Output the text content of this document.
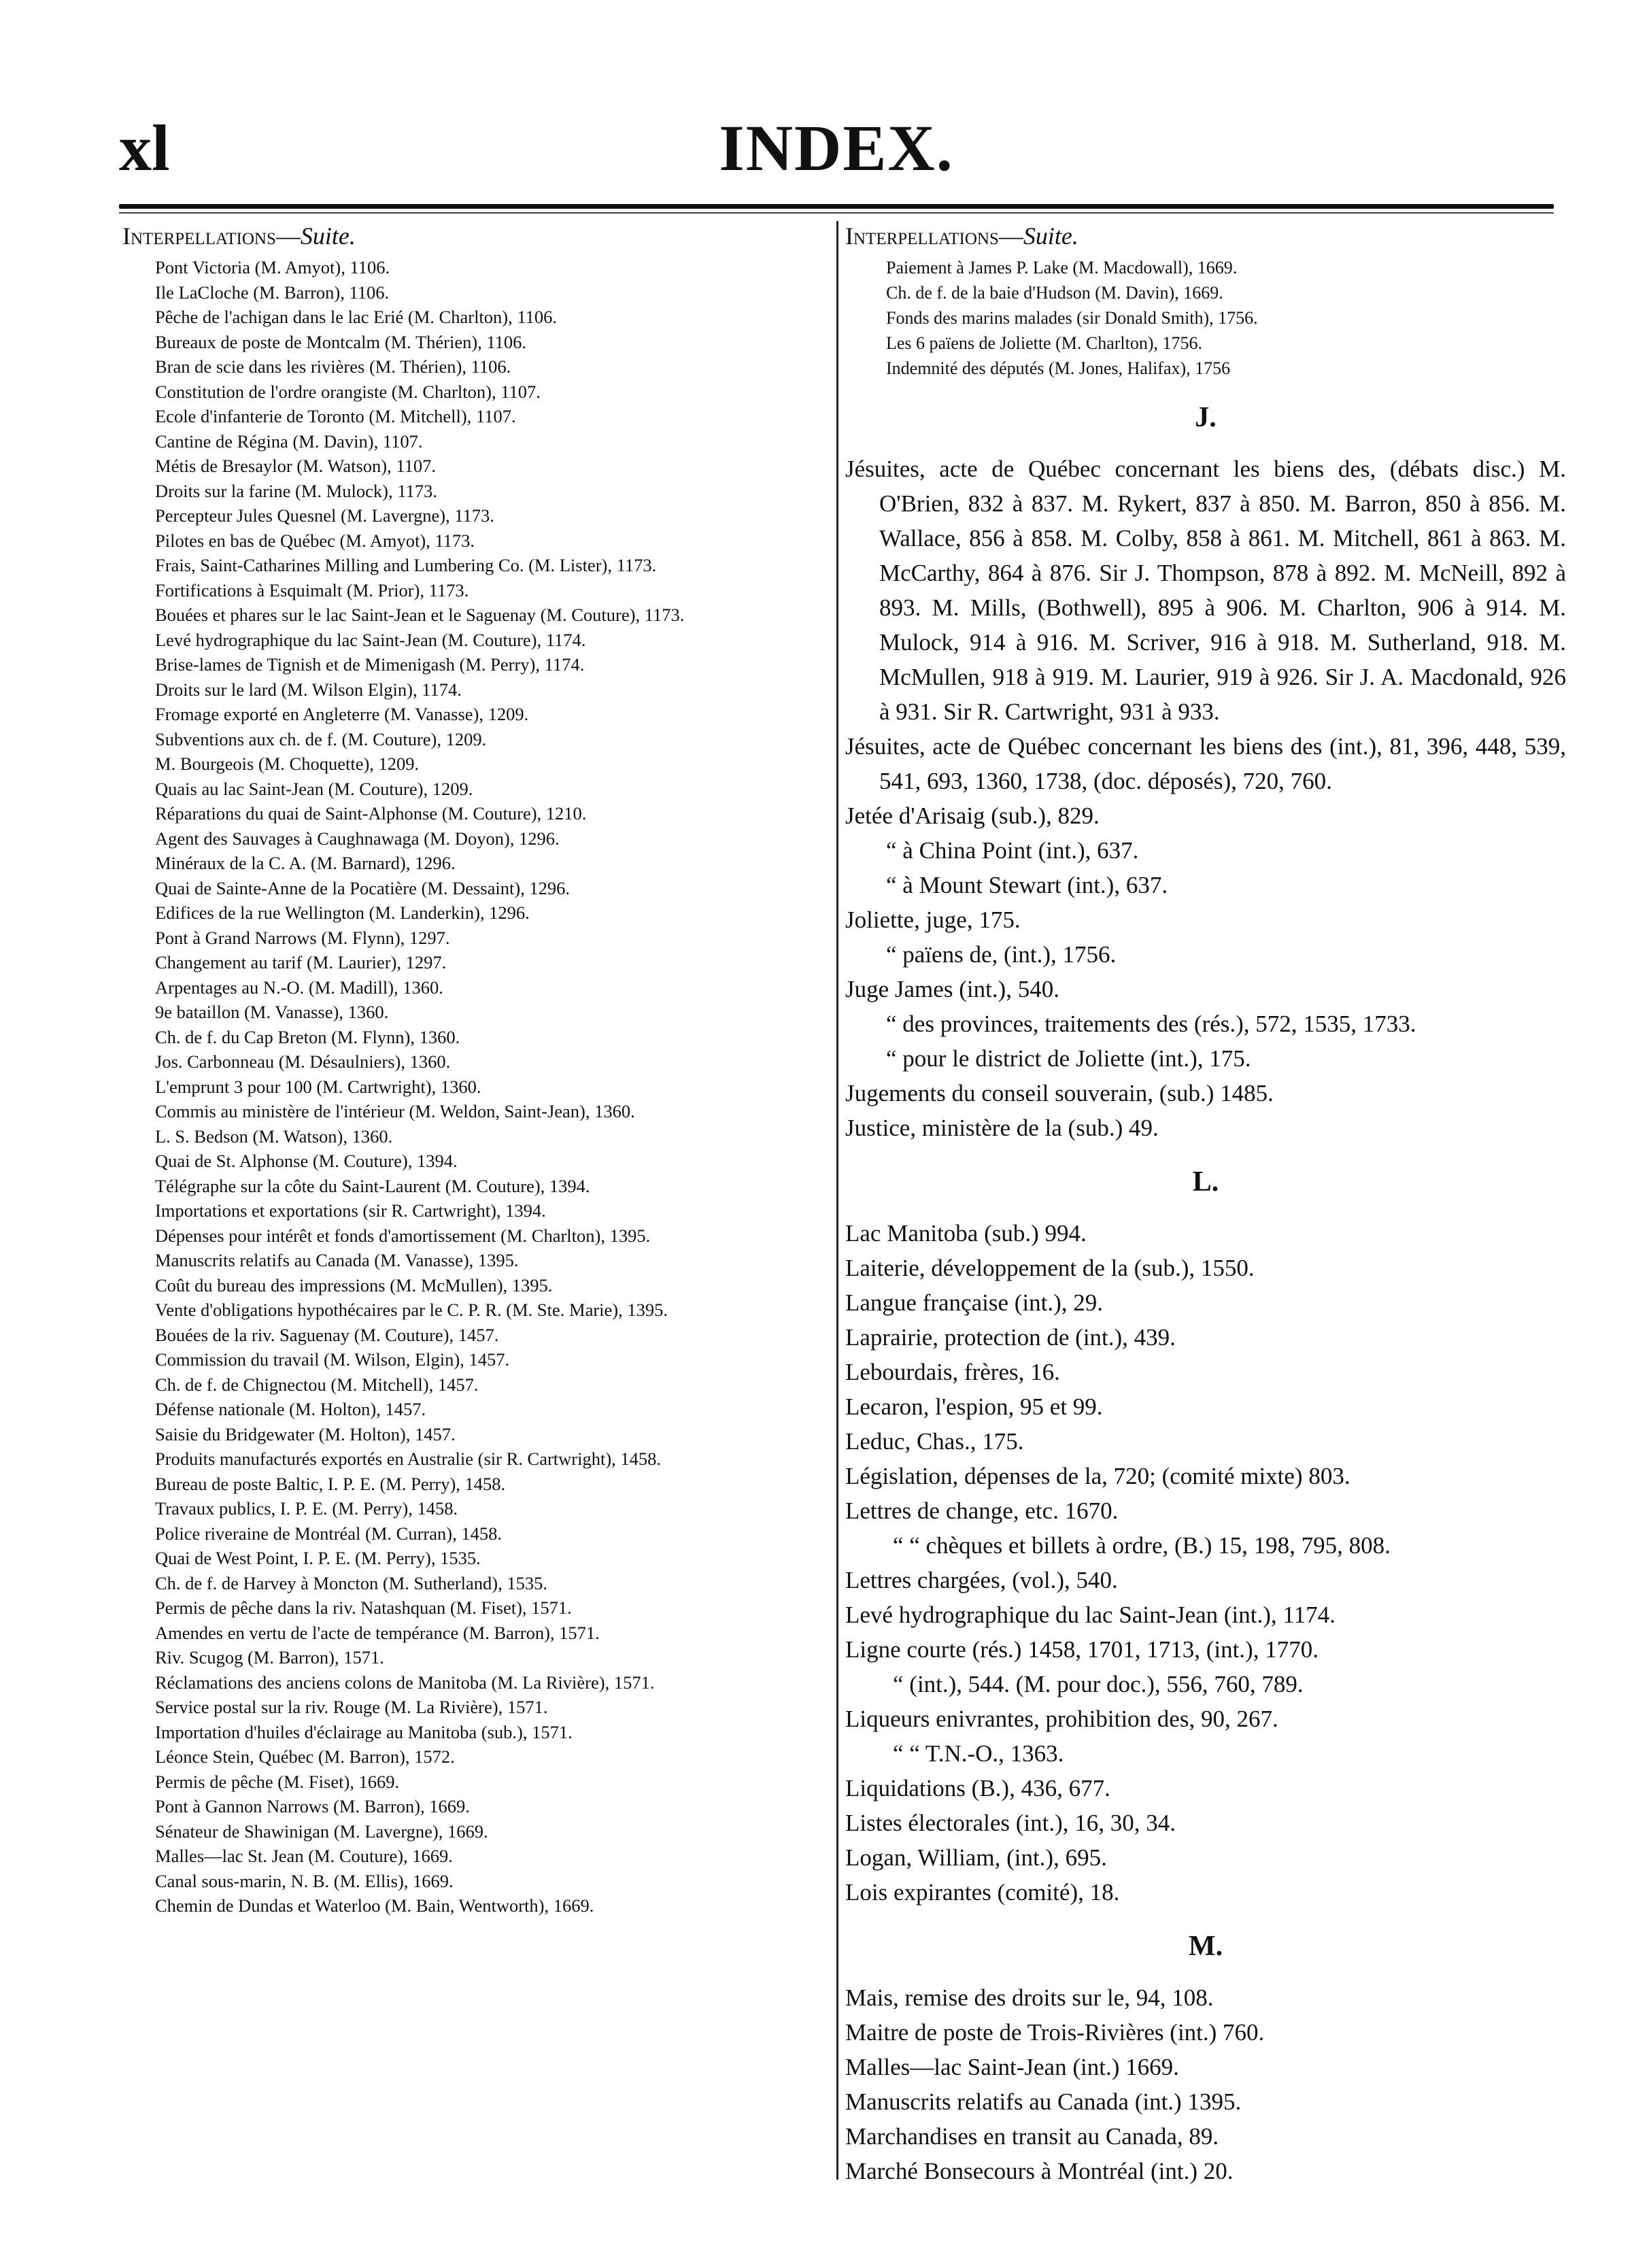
xl	INDEX.
Interpellations—Suite.
Pont Victoria (M. Amyot), 1106.
Ile LaCloche (M. Barron), 1106.
Pêche de l'achigan dans le lac Erié (M. Charlton), 1106.
Bureaux de poste de Montcalm (M. Thérien), 1106.
Bran de scie dans les rivières (M. Thérien), 1106.
Constitution de l'ordre orangiste (M. Charlton), 1107.
Ecole d'infanterie de Toronto (M. Mitchell), 1107.
Cantine de Régina (M. Davin), 1107.
Métis de Bresaylor (M. Watson), 1107.
Droits sur la farine (M. Mulock), 1173.
Percepteur Jules Quesnel (M. Lavergne), 1173.
Pilotes en bas de Québec (M. Amyot), 1173.
Frais, Saint-Catharines Milling and Lumbering Co. (M. Lister), 1173.
Fortifications à Esquimalt (M. Prior), 1173.
Bouées et phares sur le lac Saint-Jean et le Saguenay (M. Couture), 1173.
Levé hydrographique du lac Saint-Jean (M. Couture), 1174.
Brise-lames de Tignish et de Mimenigash (M. Perry), 1174.
Droits sur le lard (M. Wilson Elgin), 1174.
Fromage exporté en Angleterre (M. Vanasse), 1209.
Subventions aux ch. de f. (M. Couture), 1209.
M. Bourgeois (M. Choquette), 1209.
Quais au lac Saint-Jean (M. Couture), 1209.
Réparations du quai de Saint-Alphonse (M. Couture), 1210.
Agent des Sauvages à Caughnawaga (M. Doyon), 1296.
Minéraux de la C. A. (M. Barnard), 1296.
Quai de Sainte-Anne de la Pocatière (M. Dessaint), 1296.
Edifices de la rue Wellington (M. Landerkin), 1296.
Pont à Grand Narrows (M. Flynn), 1297.
Changement au tarif (M. Laurier), 1297.
Arpentages au N.-O. (M. Madill), 1360.
9e bataillon (M. Vanasse), 1360.
Ch. de f. du Cap Breton (M. Flynn), 1360.
Jos. Carbonneau (M. Désaulniers), 1360.
L'emprunt 3 pour 100 (M. Cartwright), 1360.
Commis au ministère de l'intérieur (M. Weldon, Saint-Jean), 1360.
L. S. Bedson (M. Watson), 1360.
Quai de St. Alphonse (M. Couture), 1394.
Télégraphe sur la côte du Saint-Laurent (M. Couture), 1394.
Importations et exportations (sir R. Cartwright), 1394.
Dépenses pour intérêt et fonds d'amortissement (M. Charlton), 1395.
Manuscrits relatifs au Canada (M. Vanasse), 1395.
Coût du bureau des impressions (M. McMullen), 1395.
Vente d'obligations hypothécaires par le C. P. R. (M. Ste. Marie), 1395.
Bouées de la riv. Saguenay (M. Couture), 1457.
Commission du travail (M. Wilson, Elgin), 1457.
Ch. de f. de Chignectou (M. Mitchell), 1457.
Défense nationale (M. Holton), 1457.
Saisie du Bridgewater (M. Holton), 1457.
Produits manufacturés exportés en Australie (sir R. Cartwright), 1458.
Bureau de poste Baltic, I. P. E. (M. Perry), 1458.
Travaux publics, I. P. E. (M. Perry), 1458.
Police riveraine de Montréal (M. Curran), 1458.
Quai de West Point, I. P. E. (M. Perry), 1535.
Ch. de f. de Harvey à Moncton (M. Sutherland), 1535.
Permis de pêche dans la riv. Natashquan (M. Fiset), 1571.
Amendes en vertu de l'acte de tempérance (M. Barron), 1571.
Riv. Scugog (M. Barron), 1571.
Réclamations des anciens colons de Manitoba (M. La Rivière), 1571.
Service postal sur la riv. Rouge (M. La Rivière), 1571.
Importation d'huiles d'éclairage au Manitoba (sub.), 1571.
Léonce Stein, Québec (M. Barron), 1572.
Permis de pêche (M. Fiset), 1669.
Pont à Gannon Narrows (M. Barron), 1669.
Sénateur de Shawinigan (M. Lavergne), 1669.
Malles—lac St. Jean (M. Couture), 1669.
Canal sous-marin, N. B. (M. Ellis), 1669.
Chemin de Dundas et Waterloo (M. Bain, Wentworth), 1669.
Interpellations—Suite.
Paiement à James P. Lake (M. Macdowall), 1669.
Ch. de f. de la baie d'Hudson (M. Davin), 1669.
Fonds des marins malades (sir Donald Smith), 1756.
Les 6 païens de Joliette (M. Charlton), 1756.
Indemnité des députés (M. Jones, Halifax), 1756
J.
Jésuites, acte de Québec concernant les biens des, (débats disc.) M. O'Brien, 832 à 837. M. Rykert, 837 à 850. M. Barron, 850 à 856. M. Wallace, 856 à 858. M. Colby, 858 à 861. M. Mitchell, 861 à 863. M. McCarthy, 864 à 876. Sir J. Thompson, 878 à 892. M. McNeill, 892 à 893. M. Mills, (Bothwell), 895 à 906. M. Charlton, 906 à 914. M. Mulock, 914 à 916. M. Scriver, 916 à 918. M. Sutherland, 918. M. McMullen, 918 à 919. M. Laurier, 919 à 926. Sir J. A. Macdonald, 926 à 931. Sir R. Cartwright, 931 à 933.
Jésuites, acte de Québec concernant les biens des (int.), 81, 396, 448, 539, 541, 693, 1360, 1738, (doc. déposés), 720, 760.
Jetée d'Arisaig (sub.), 829.
“ à China Point (int.), 637.
“ à Mount Stewart (int.), 637.
Joliette, juge, 175.
“ païens de, (int.), 1756.
Juge James (int.), 540.
“ des provinces, traitements des (rés.), 572, 1535, 1733.
“ pour le district de Joliette (int.), 175.
Jugements du conseil souverain, (sub.) 1485.
Justice, ministère de la (sub.) 49.
L.
Lac Manitoba (sub.) 994.
Laiterie, développement de la (sub.), 1550.
Langue française (int.), 29.
Laprairie, protection de (int.), 439.
Lebourdais, frères, 16.
Lecaron, l'espion, 95 et 99.
Leduc, Chas., 175.
Législation, dépenses de la, 720; (comité mixte) 803.
Lettres de change, etc. 1670.
“ “ chèques et billets à ordre, (B.) 15, 198, 795, 808.
Lettres chargées, (vol.), 540.
Levé hydrographique du lac Saint-Jean (int.), 1174.
Ligne courte (rés.) 1458, 1701, 1713, (int.), 1770.
“ (int.), 544. (M. pour doc.), 556, 760, 789.
Liqueurs enivrantes, prohibition des, 90, 267.
“ “ T.N.-O., 1363.
Liquidations (B.), 436, 677.
Listes électorales (int.), 16, 30, 34.
Logan, William, (int.), 695.
Lois expirantes (comité), 18.
M.
Mais, remise des droits sur le, 94, 108.
Maitre de poste de Trois-Rivières (int.) 760.
Malles—lac Saint-Jean (int.) 1669.
Manuscrits relatifs au Canada (int.) 1395.
Marchandises en transit au Canada, 89.
Marché Bonsecours à Montréal (int.) 20.
